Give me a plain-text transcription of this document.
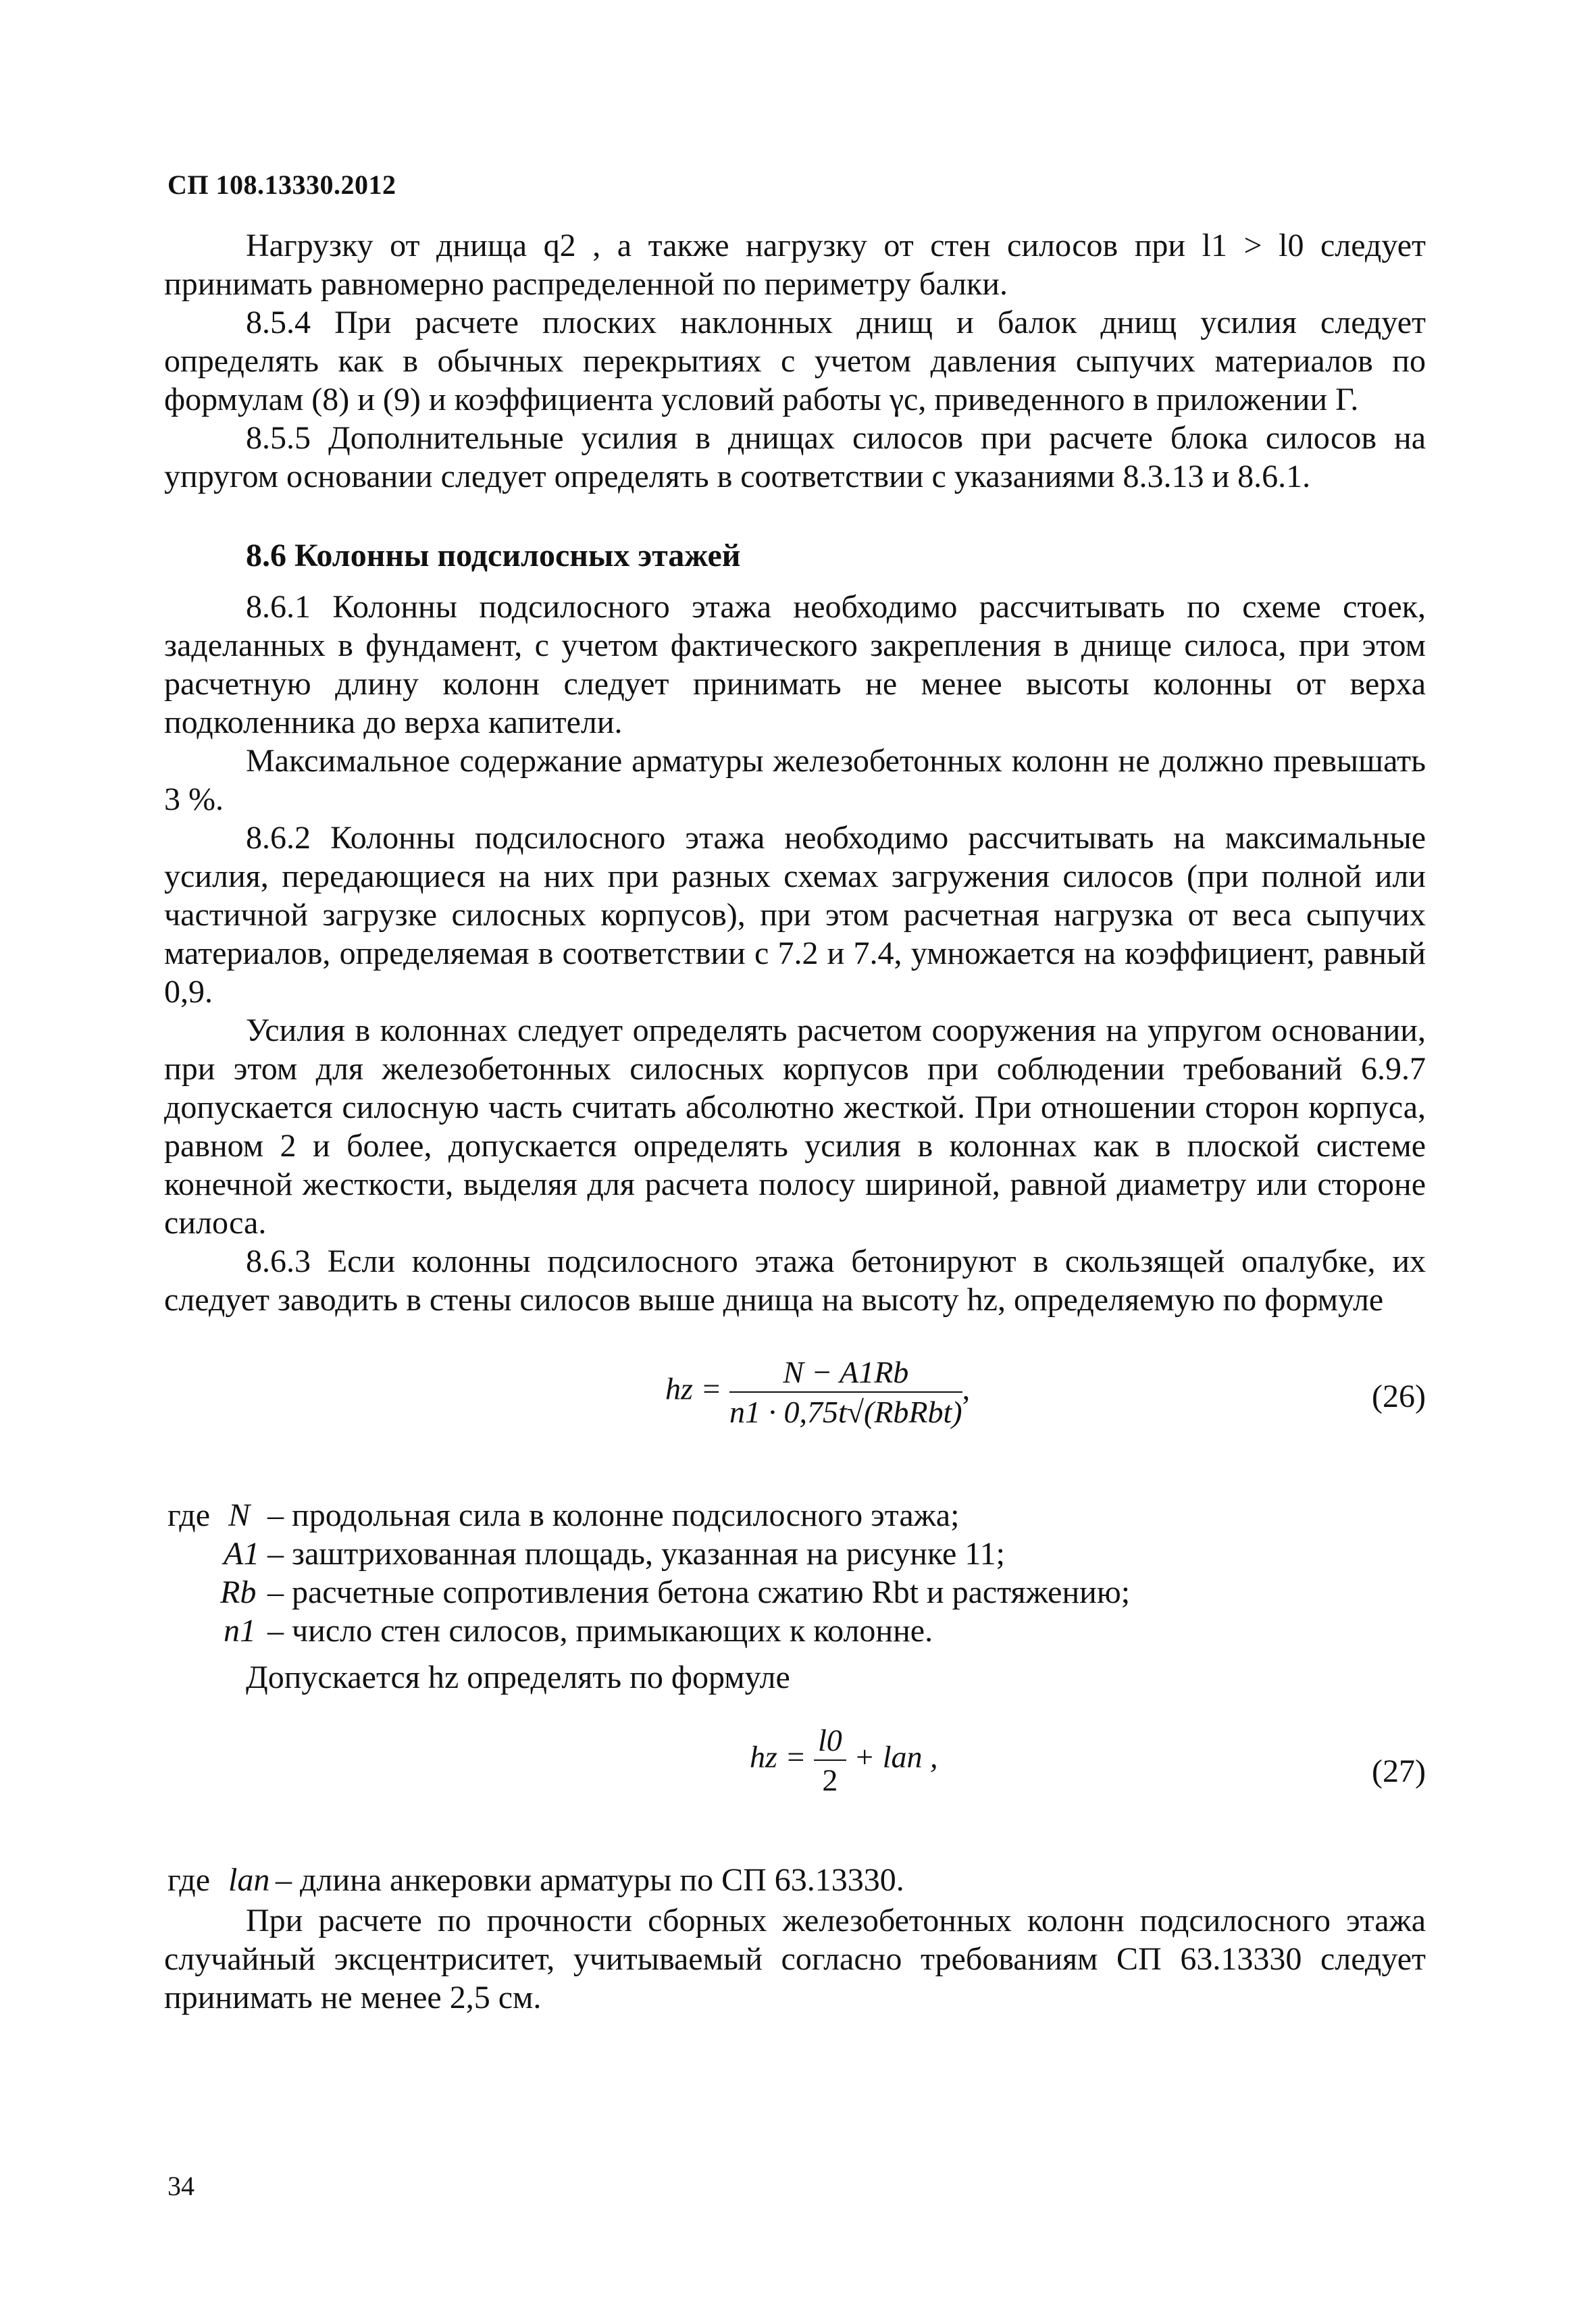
СП 108.13330.2012

Нагрузку от днища q2 , а также нагрузку от стен силосов при l1 > l0 следует принимать равномерно распределенной по периметру балки.

8.5.4 При расчете плоских наклонных днищ и балок днищ усилия следует определять как в обычных перекрытиях с учетом давления сыпучих материалов по формулам (8) и (9) и коэффициента условий работы γс, приведенного в приложении Г.

8.5.5 Дополнительные усилия в днищах силосов при расчете блока силосов на упругом основании следует определять в соответствии с указаниями 8.3.13 и 8.6.1.

8.6 Колонны подсилосных этажей

8.6.1 Колонны подсилосного этажа необходимо рассчитывать по схеме стоек, заделанных в фундамент, с учетом фактического закрепления в днище силоса, при этом расчетную длину колонн следует принимать не менее высоты колонны от верха подколенника до верха капители.

Максимальное содержание арматуры железобетонных колонн не должно превышать 3 %.

8.6.2 Колонны подсилосного этажа необходимо рассчитывать на максимальные усилия, передающиеся на них при разных схемах загружения силосов (при полной или частичной загрузке силосных корпусов), при этом расчетная нагрузка от веса сыпучих материалов, определяемая в соответствии с 7.2 и 7.4, умножается на коэффициент, равный 0,9.

Усилия в колоннах следует определять расчетом сооружения на упругом основании, при этом для железобетонных силосных корпусов при соблюдении требований 6.9.7 допускается силосную часть считать абсолютно жесткой. При отношении сторон корпуса, равном 2 и более, допускается определять усилия в колоннах как в плоской системе конечной жесткости, выделяя для расчета полосу шириной, равной диаметру или стороне силоса.

8.6.3 Если колонны подсилосного этажа бетонируют в скользящей опалубке, их следует заводить в стены силосов выше днища на высоту hz, определяемую по формуле

hz = $\frac{N - A1Rb}{\text{n1 · 0,75t√(RbRbt)}}$ ,	(26)
где N – продольная сила в колонне подсилосного этажа;
A1 – заштрихованная площадь, указанная на рисунке 11;
Rb – расчетные сопротивления бетона сжатию Rbt и растяжению;
n1 – число стен силосов, примыкающих к колонне.

Допускается hz определять по формуле

hz = $\frac{l0}{2}$ + lan ,	(27)
где lan – длина анкеровки арматуры по СП 63.13330.

При расчете по прочности сборных железобетонных колонн подсилосного этажа случайный эксцентриситет, учитываемый согласно требованиям СП 63.13330 следует принимать не менее 2,5 см.

34
